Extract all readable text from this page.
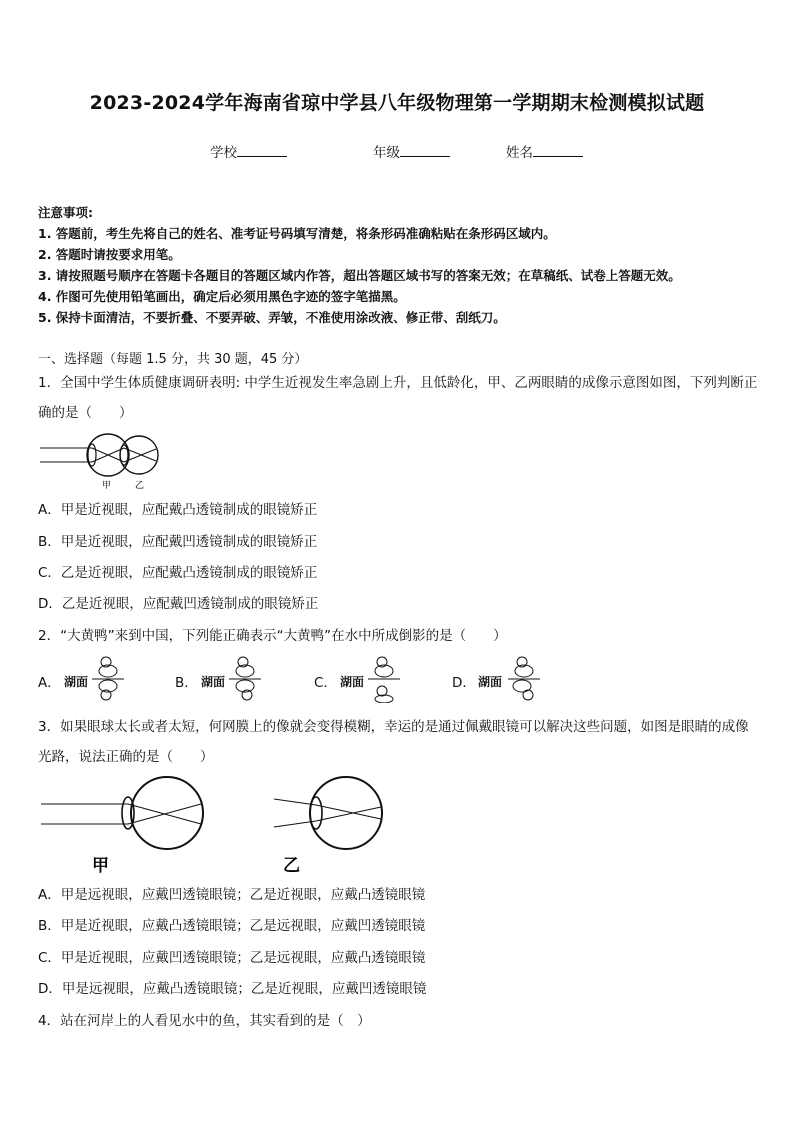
2023-2024学年海南省琼中学县八年级物理第一学期期末检测模拟试题
学校	年级	姓名
注意事项:
1. 答题前，考生先将自己的姓名、准考证号码填写清楚，将条形码准确粘贴在条形码区域内。
2. 答题时请按要求用笔。
3. 请按照题号顺序在答题卡各题目的答题区域内作答，超出答题区域书写的答案无效；在草稿纸、试卷上答题无效。
4. 作图可先使用铅笔画出，确定后必须用黑色字迹的签字笔描黑。
5. 保持卡面清洁，不要折叠、不要弄破、弄皱，不准使用涂改液、修正带、刮纸刀。
一、选择题（每题 1.5 分，共 30 题，45 分）
1．全国中学生体质健康调研表明: 中学生近视发生率急剧上升，且低龄化，甲、乙两眼睛的成像示意图如图，下列判断正确的是（　　）
甲	乙
A．甲是近视眼，应配戴凸透镜制成的眼镜矫正
B．甲是近视眼，应配戴凹透镜制成的眼镜矫正
C．乙是近视眼，应配戴凸透镜制成的眼镜矫正
D．乙是近视眼，应配戴凹透镜制成的眼镜矫正
2．“大黄鸭”来到中国，下列能正确表示“大黄鸭”在水中所成倒影的是（　　）
A． 湖面	B． 湖面	C． 湖面	D． 湖面
3．如果眼球太长或者太短，何网膜上的像就会变得模糊，幸运的是通过佩戴眼镜可以解决这些问题，如图是眼睛的成像光路，说法正确的是（　　）
甲	乙
A．甲是远视眼，应戴凹透镜眼镜；乙是近视眼，应戴凸透镜眼镜
B．甲是近视眼，应戴凸透镜眼镜；乙是远视眼，应戴凹透镜眼镜
C．甲是近视眼，应戴凹透镜眼镜；乙是远视眼，应戴凸透镜眼镜
D．甲是远视眼，应戴凸透镜眼镜；乙是近视眼，应戴凹透镜眼镜
4．站在河岸上的人看见水中的鱼，其实看到的是（　）
